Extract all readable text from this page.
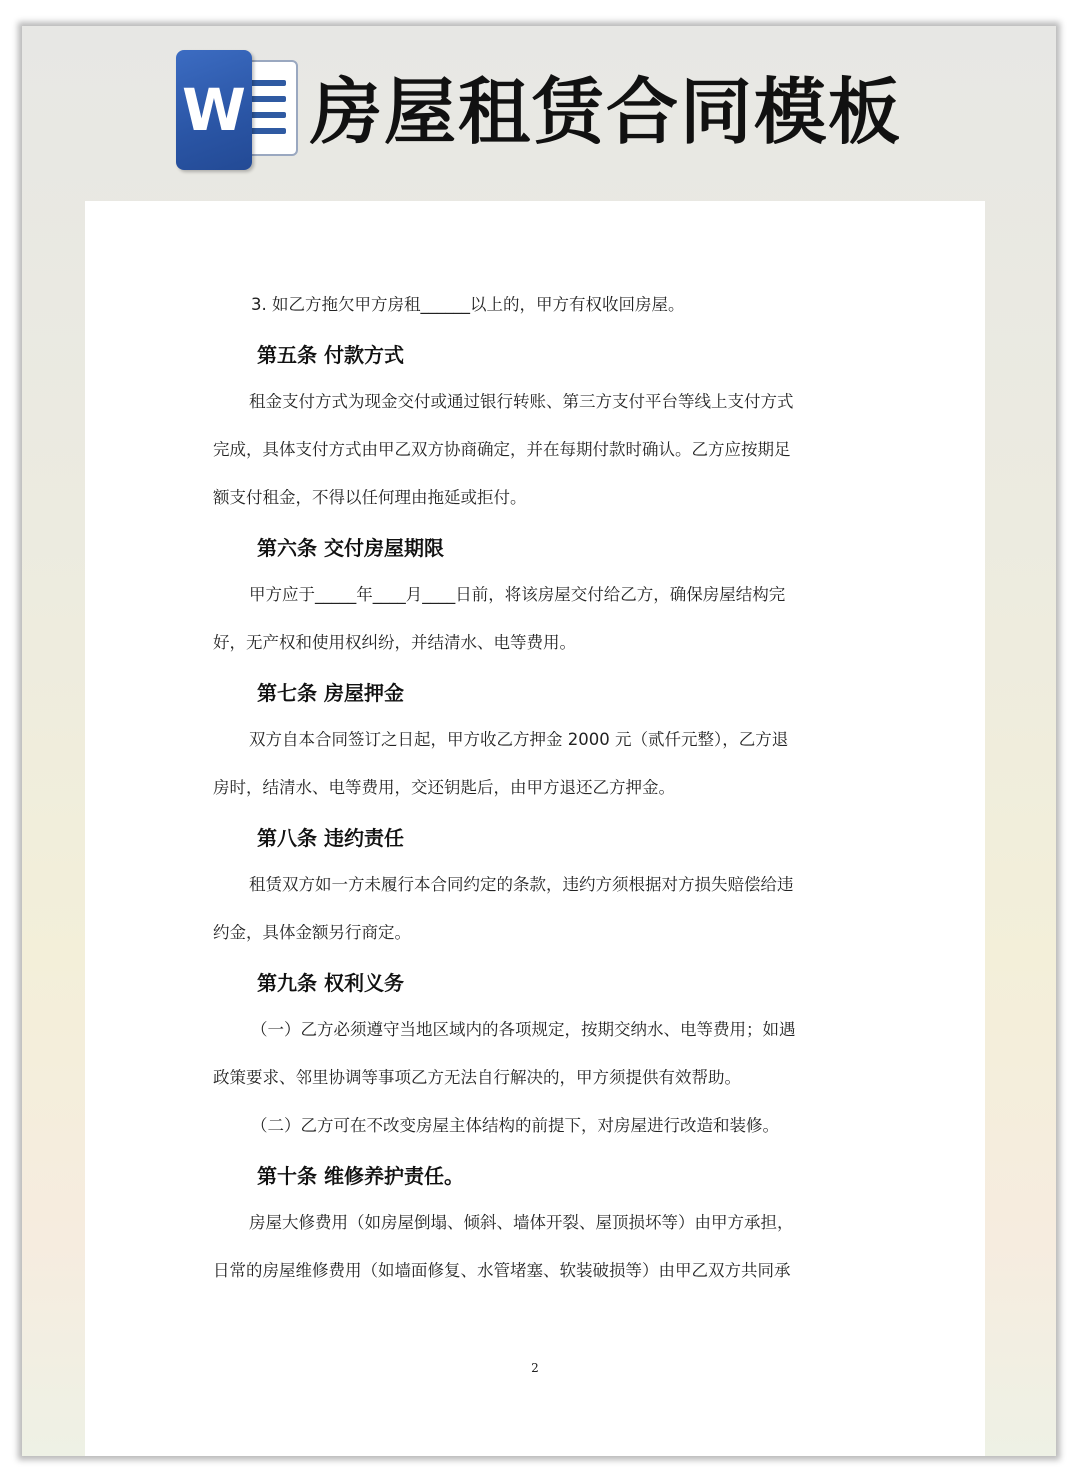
W 房屋租赁合同模板

3. 如乙方拖欠甲方房租______以上的，甲方有权收回房屋。

第五条 付款方式

租金支付方式为现金交付或通过银行转账、第三方支付平台等线上支付方式

完成，具体支付方式由甲乙双方协商确定，并在每期付款时确认。乙方应按期足

额支付租金，不得以任何理由拖延或拒付。

第六条 交付房屋期限

甲方应于_____年____月____日前，将该房屋交付给乙方，确保房屋结构完

好，无产权和使用权纠纷，并结清水、电等费用。

第七条 房屋押金

双方自本合同签订之日起，甲方收乙方押金 2000 元（贰仟元整），乙方退

房时，结清水、电等费用，交还钥匙后，由甲方退还乙方押金。

第八条 违约责任

租赁双方如一方未履行本合同约定的条款，违约方须根据对方损失赔偿给违

约金，具体金额另行商定。

第九条 权利义务

（一）乙方必须遵守当地区域内的各项规定，按期交纳水、电等费用；如遇

政策要求、邻里协调等事项乙方无法自行解决的，甲方须提供有效帮助。

（二）乙方可在不改变房屋主体结构的前提下，对房屋进行改造和装修。

第十条 维修养护责任。

房屋大修费用（如房屋倒塌、倾斜、墙体开裂、屋顶损坏等）由甲方承担，

日常的房屋维修费用（如墙面修复、水管堵塞、软装破损等）由甲乙双方共同承

2
